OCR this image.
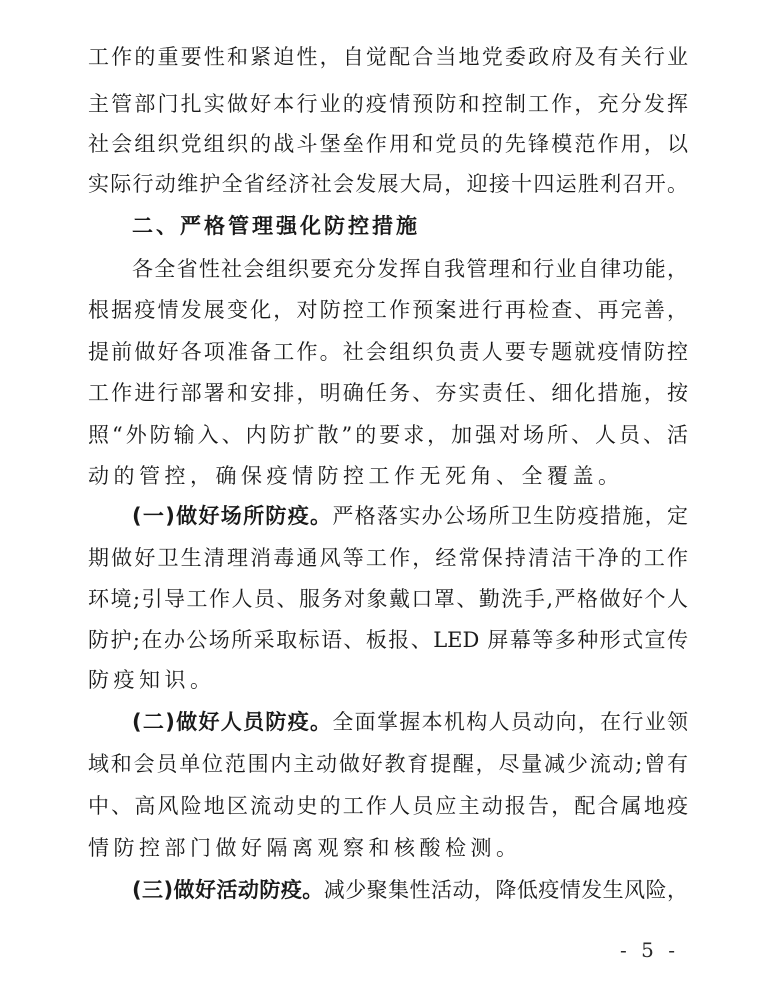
工作的重要性和紧迫性，自觉配合当地党委政府及有关行业
主管部门扎实做好本行业的疫情预防和控制工作，充分发挥
社会组织党组织的战斗堡垒作用和党员的先锋模范作用，以
实际行动维护全省经济社会发展大局，迎接十四运胜利召开。
二、严格管理强化防控措施
各全省性社会组织要充分发挥自我管理和行业自律功能，
根据疫情发展变化，对防控工作预案进行再检查、再完善，
提前做好各项准备工作。社会组织负责人要专题就疫情防控
工作进行部署和安排，明确任务、夯实责任、细化措施，按
照“外防输入、内防扩散”的要求，加强对场所、人员、活
动的管控，确保疫情防控工作无死角、全覆盖。
(一)做好场所防疫。严格落实办公场所卫生防疫措施，定
期做好卫生清理消毒通风等工作，经常保持清洁干净的工作
环境;引导工作人员、服务对象戴口罩、勤洗手,严格做好个人
防护;在办公场所采取标语、板报、LED 屏幕等多种形式宣传
防疫知识。
(二)做好人员防疫。全面掌握本机构人员动向，在行业领
域和会员单位范围内主动做好教育提醒，尽量减少流动;曾有
中、高风险地区流动史的工作人员应主动报告，配合属地疫
情防控部门做好隔离观察和核酸检测。
(三)做好活动防疫。减少聚集性活动，降低疫情发生风险，
- 5 -
